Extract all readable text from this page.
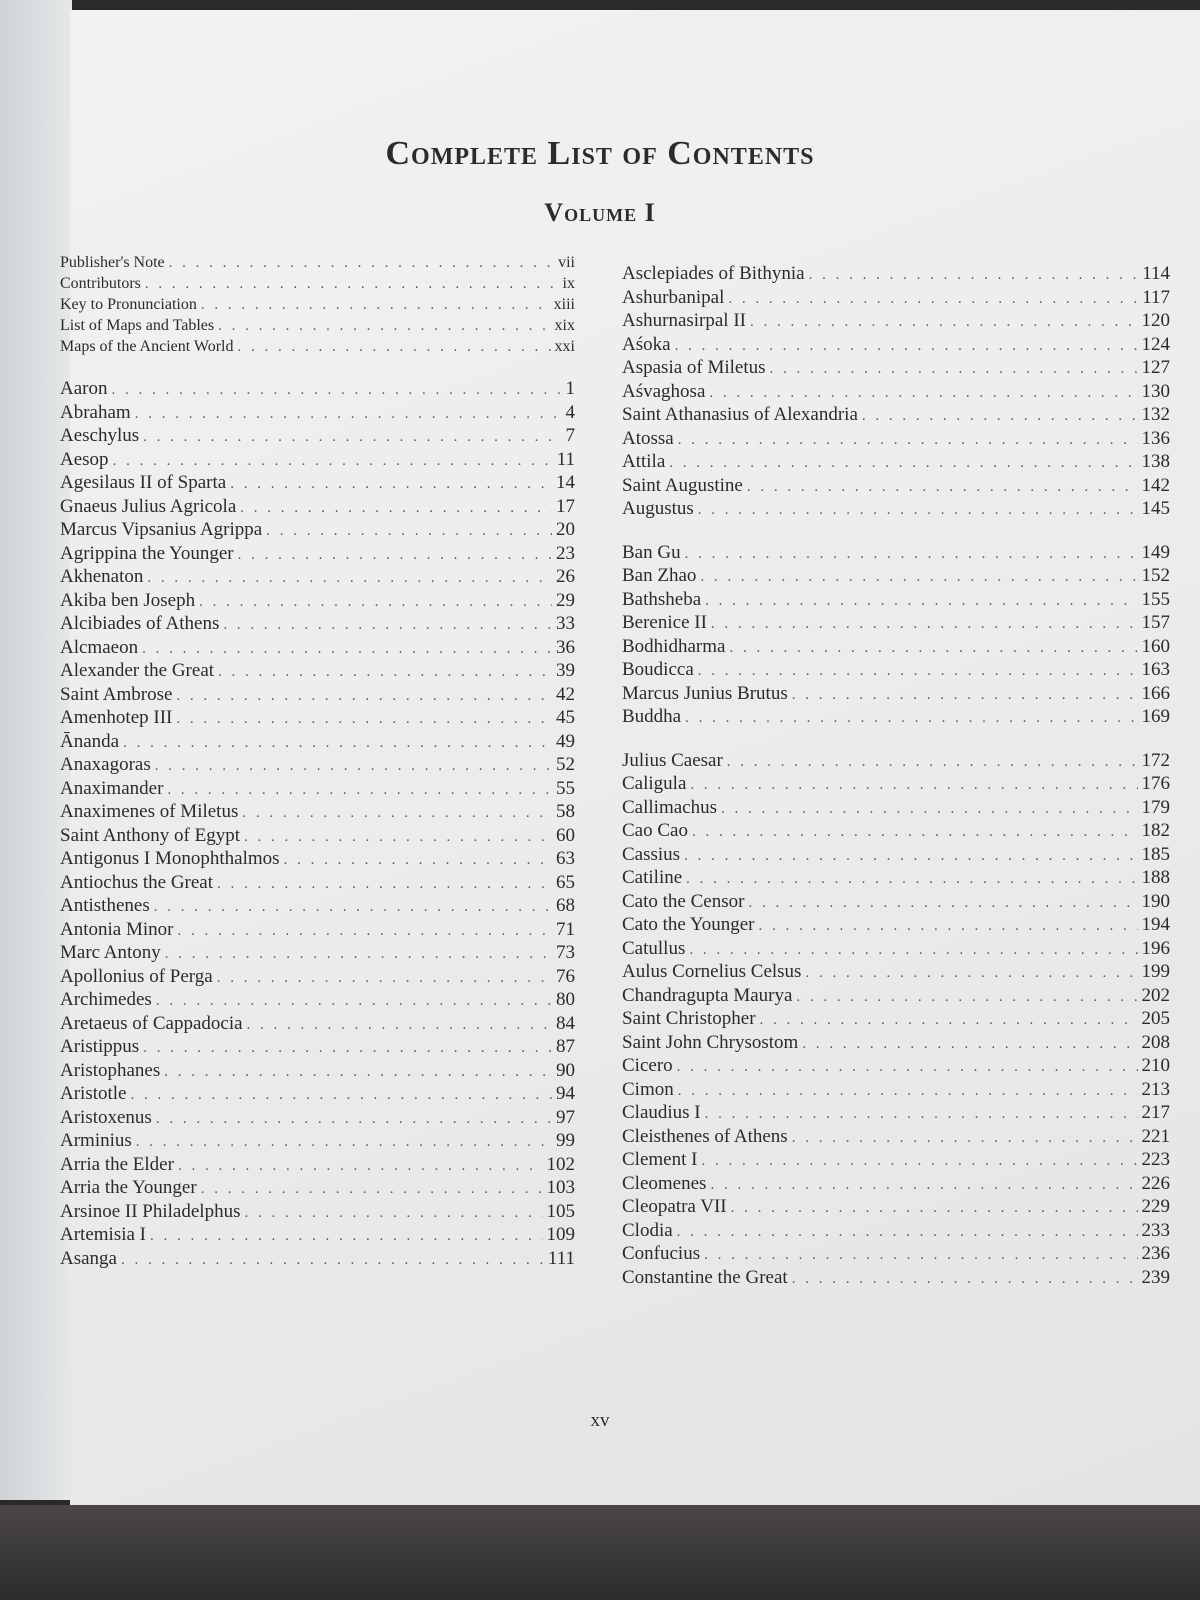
Complete List of Contents
Volume I
Publisher's Note . . .	vii
Contributors . . .	ix
Key to Pronunciation . . .	xiii
List of Maps and Tables . . .	xix
Maps of the Ancient World . . .	xxi
Aaron . . .	1
Abraham . . .	4
Aeschylus . . .	7
Aesop . . .	11
Agesilaus II of Sparta . . .	14
Gnaeus Julius Agricola . . .	17
Marcus Vipsanius Agrippa . . .	20
Agrippina the Younger . . .	23
Akhenaton . . .	26
Akiba ben Joseph . . .	29
Alcibiades of Athens . . .	33
Alcmaeon . . .	36
Alexander the Great . . .	39
Saint Ambrose . . .	42
Amenhotep III . . .	45
Ānanda . . .	49
Anaxagoras . . .	52
Anaximander . . .	55
Anaximenes of Miletus . . .	58
Saint Anthony of Egypt . . .	60
Antigonus I Monophthalmos . . .	63
Antiochus the Great . . .	65
Antisthenes . . .	68
Antonia Minor . . .	71
Marc Antony . . .	73
Apollonius of Perga . . .	76
Archimedes . . .	80
Aretaeus of Cappadocia . . .	84
Aristippus . . .	87
Aristophanes . . .	90
Aristotle . . .	94
Aristoxenus . . .	97
Arminius . . .	99
Arria the Elder . . .	102
Arria the Younger . . .	103
Arsinoe II Philadelphus . . .	105
Artemisia I . . .	109
Asanga . . .	111
Asclepiades of Bithynia . . .	114
Ashurbanipal . . .	117
Ashurnasirpal II . . .	120
Aśoka . . .	124
Aspasia of Miletus . . .	127
Aśvaghosa . . .	130
Saint Athanasius of Alexandria . . .	132
Atossa . . .	136
Attila . . .	138
Saint Augustine . . .	142
Augustus . . .	145
Ban Gu . . .	149
Ban Zhao . . .	152
Bathsheba . . .	155
Berenice II . . .	157
Bodhidharma . . .	160
Boudicca . . .	163
Marcus Junius Brutus . . .	166
Buddha . . .	169
Julius Caesar . . .	172
Caligula . . .	176
Callimachus . . .	179
Cao Cao . . .	182
Cassius . . .	185
Catiline . . .	188
Cato the Censor . . .	190
Cato the Younger . . .	194
Catullus . . .	196
Aulus Cornelius Celsus . . .	199
Chandragupta Maurya . . .	202
Saint Christopher . . .	205
Saint John Chrysostom . . .	208
Cicero . . .	210
Cimon . . .	213
Claudius I . . .	217
Cleisthenes of Athens . . .	221
Clement I . . .	223
Cleomenes . . .	226
Cleopatra VII . . .	229
Clodia . . .	233
Confucius . . .	236
Constantine the Great . . .	239
xv
